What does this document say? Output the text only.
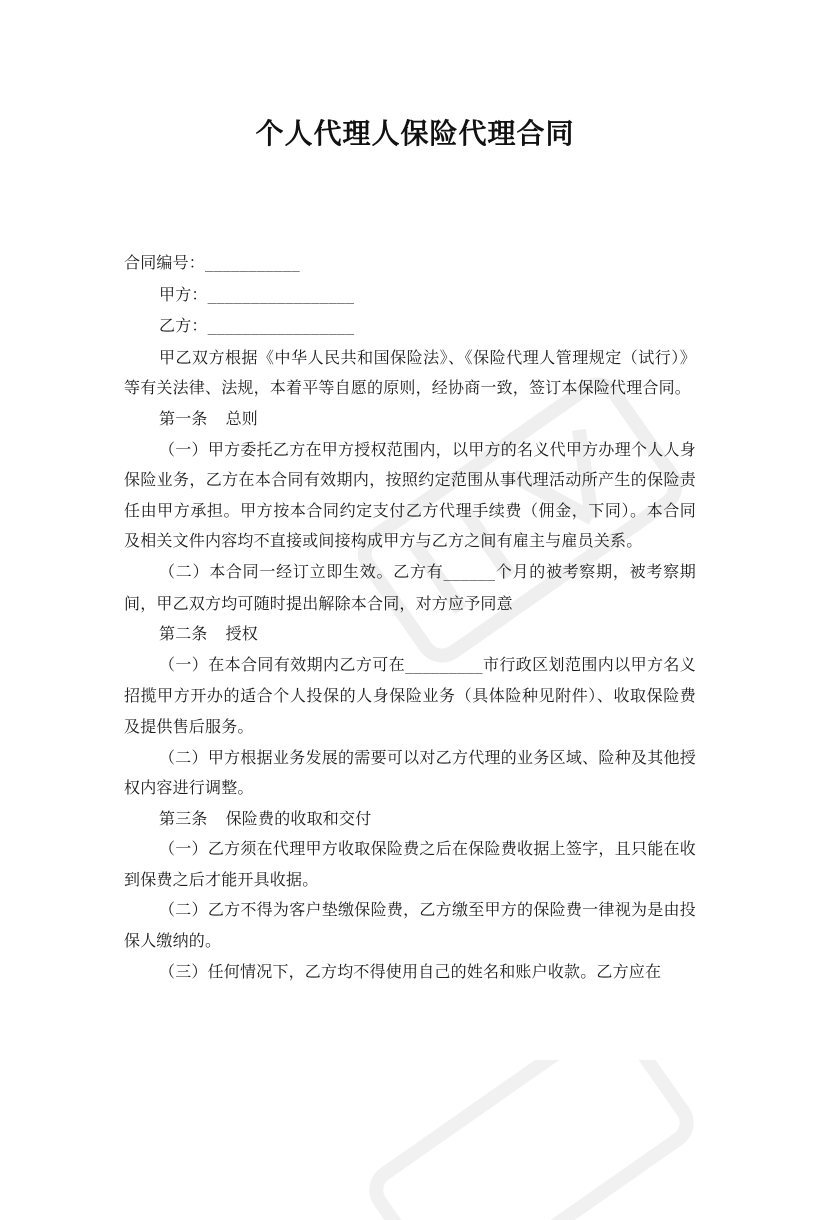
个人代理人保险代理合同

合同编号：___________

甲方：_________________

乙方：_________________

甲乙双方根据《中华人民共和国保险法》、《保险代理人管理规定（试行）》等有关法律、法规，本着平等自愿的原则，经协商一致，签订本保险代理合同。

第一条 总则

（一）甲方委托乙方在甲方授权范围内，以甲方的名义代甲方办理个人人身保险业务，乙方在本合同有效期内，按照约定范围从事代理活动所产生的保险责任由甲方承担。甲方按本合同约定支付乙方代理手续费（佣金，下同）。本合同及相关文件内容均不直接或间接构成甲方与乙方之间有雇主与雇员关系。

（二）本合同一经订立即生效。乙方有______个月的被考察期，被考察期间，甲乙双方均可随时提出解除本合同，对方应予同意

第二条 授权

（一）在本合同有效期内乙方可在_________市行政区划范围内以甲方名义招揽甲方开办的适合个人投保的人身保险业务（具体险种见附件）、收取保险费及提供售后服务。

（二）甲方根据业务发展的需要可以对乙方代理的业务区域、险种及其他授权内容进行调整。

第三条 保险费的收取和交付

（一）乙方须在代理甲方收取保险费之后在保险费收据上签字，且只能在收到保费之后才能开具收据。

（二）乙方不得为客户垫缴保险费，乙方缴至甲方的保险费一律视为是由投保人缴纳的。

（三）任何情况下，乙方均不得使用自己的姓名和账户收款。乙方应在
